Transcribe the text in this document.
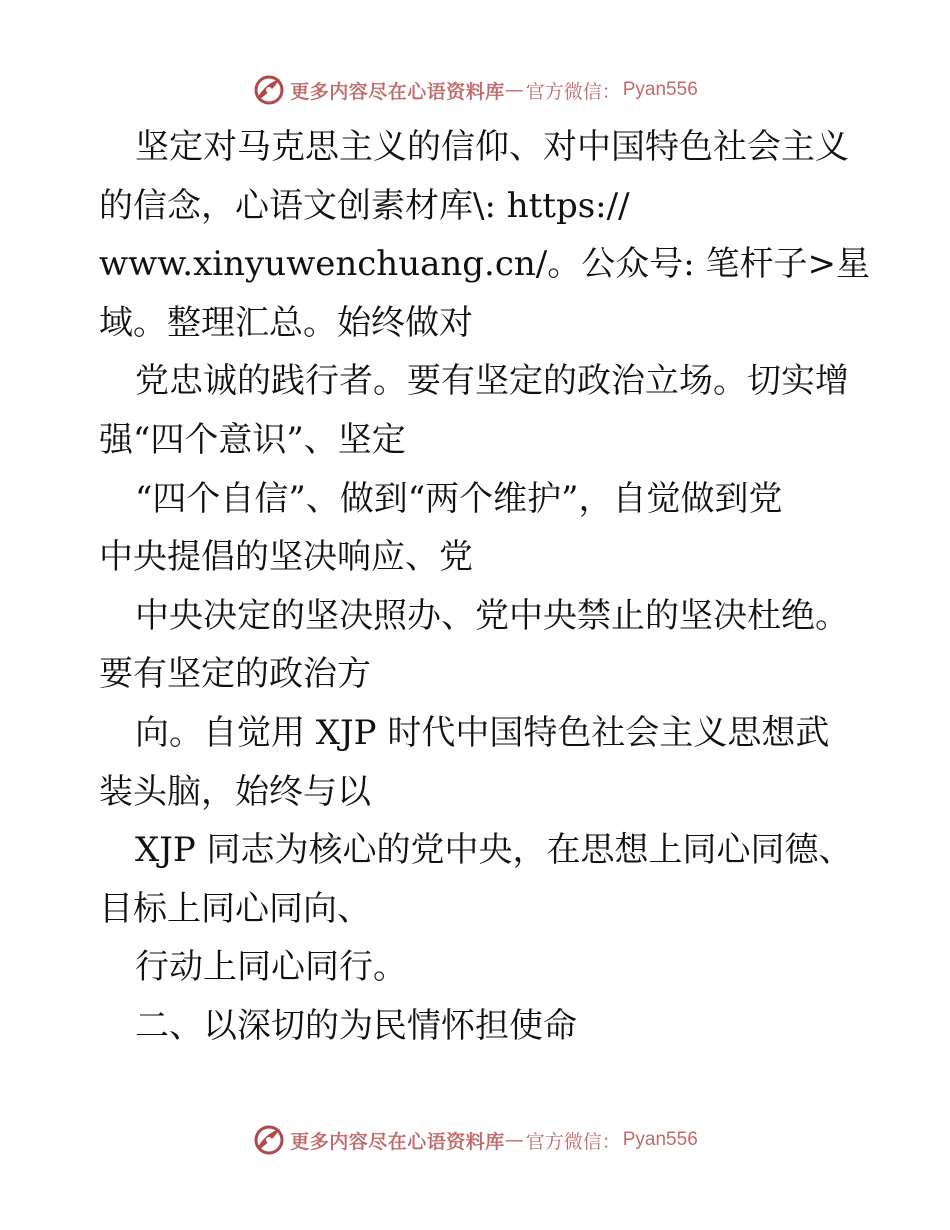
更多内容尽在心语资料库 — 官方微信： Pyan556
坚定对马克思主义的信仰、对中国特色社会主义
的信念，心语文创素材库\: https://
www.xinyuwenchuang.cn/。公众号: 笔杆子>星
域。整理汇总。始终做对
党忠诚的践行者。要有坚定的政治立场。切实增
强“四个意识”、坚定
“四个自信”、做到“两个维护”，自觉做到党
中央提倡的坚决响应、党
中央决定的坚决照办、党中央禁止的坚决杜绝。
要有坚定的政治方
向。自觉用 XJP 时代中国特色社会主义思想武
装头脑，始终与以
XJP 同志为核心的党中央，在思想上同心同德、
目标上同心同向、
行动上同心同行。
二、以深切的为民情怀担使命
更多内容尽在心语资料库 — 官方微信： Pyan556
